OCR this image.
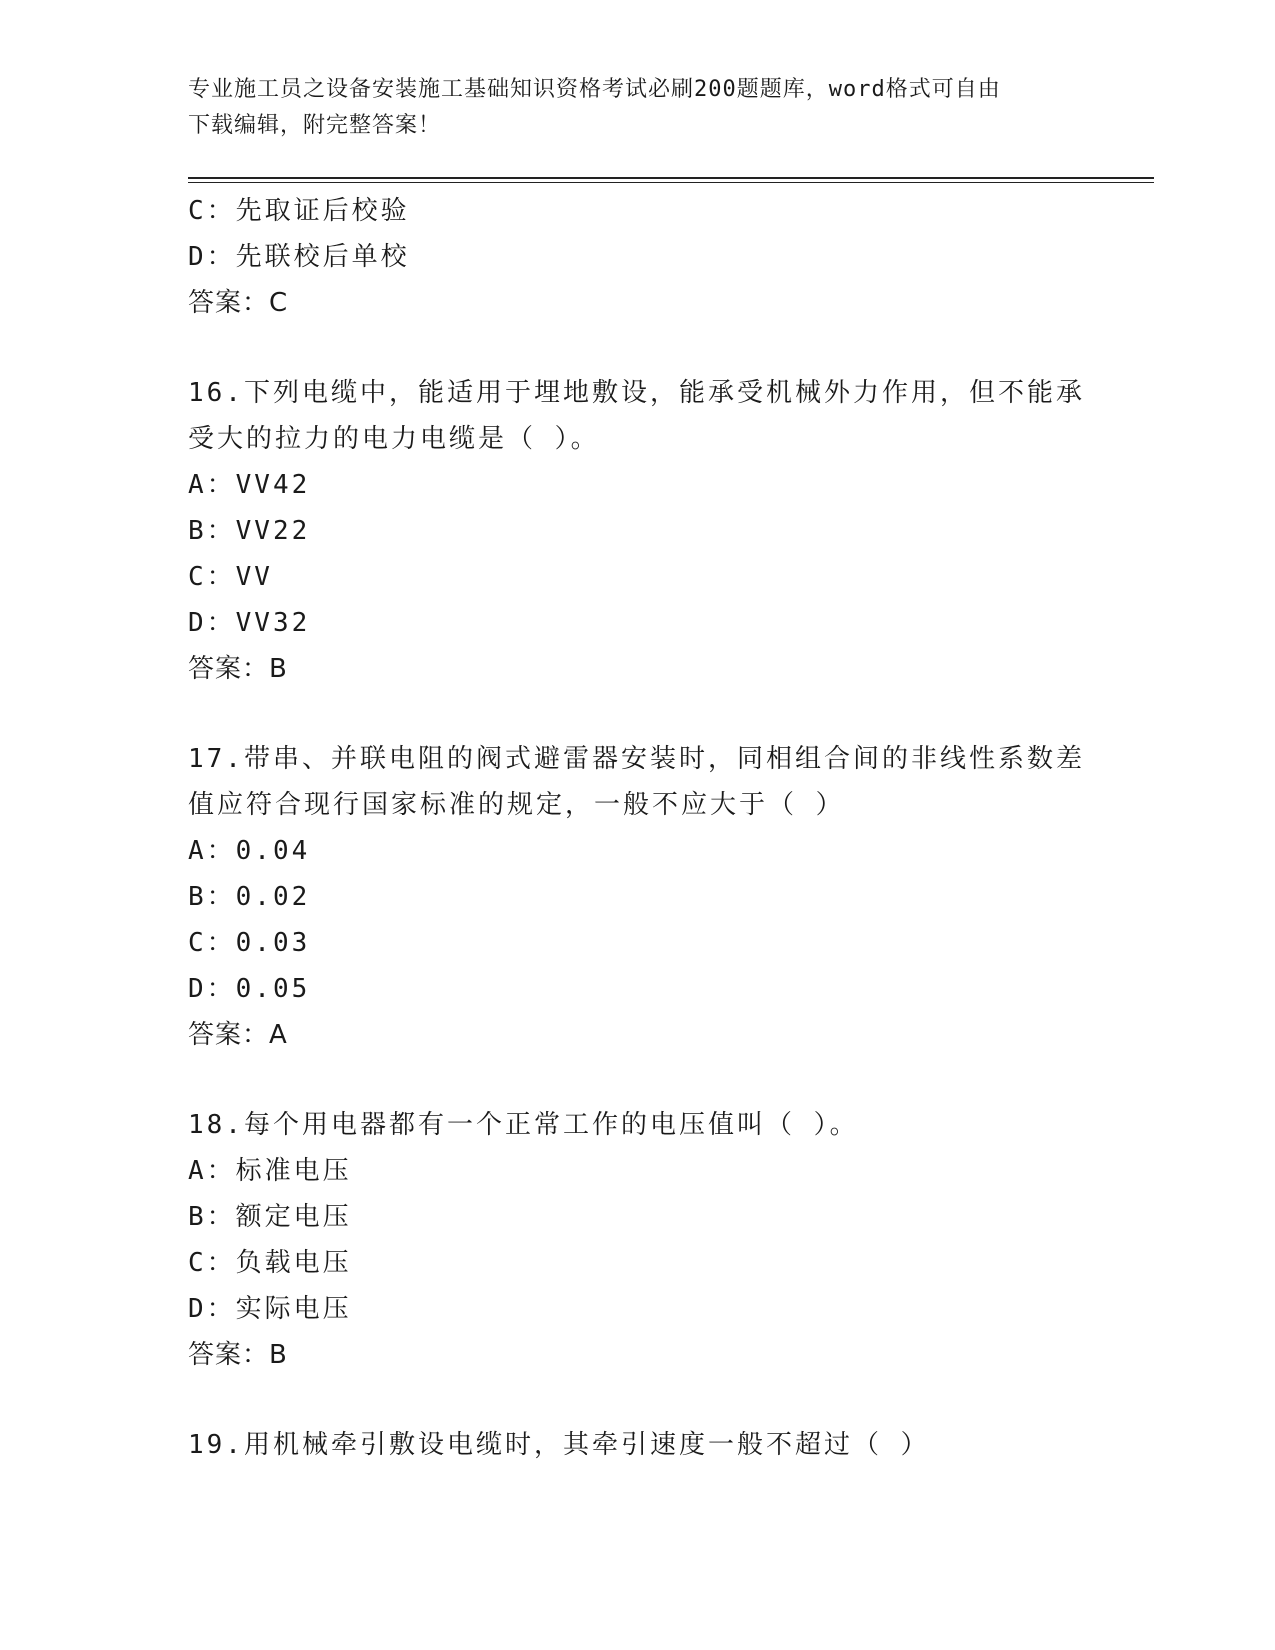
专业施工员之设备安装施工基础知识资格考试必刷200题题库，word格式可自由
下载编辑，附完整答案！
C：先取证后校验
D：先联校后单校
答案：C
16.下列电缆中，能适用于埋地敷设，能承受机械外力作用，但不能承
受大的拉力的电力电缆是（ ）。
A：VV42
B：VV22
C：VV
D：VV32
答案：B
17.带串、并联电阻的阀式避雷器安装时，同相组合间的非线性系数差
值应符合现行国家标准的规定，一般不应大于（ ）
A：0.04
B：0.02
C：0.03
D：0.05
答案：A
18.每个用电器都有一个正常工作的电压值叫（ ）。
A：标准电压
B：额定电压
C：负载电压
D：实际电压
答案：B
19.用机械牵引敷设电缆时，其牵引速度一般不超过（ ）
